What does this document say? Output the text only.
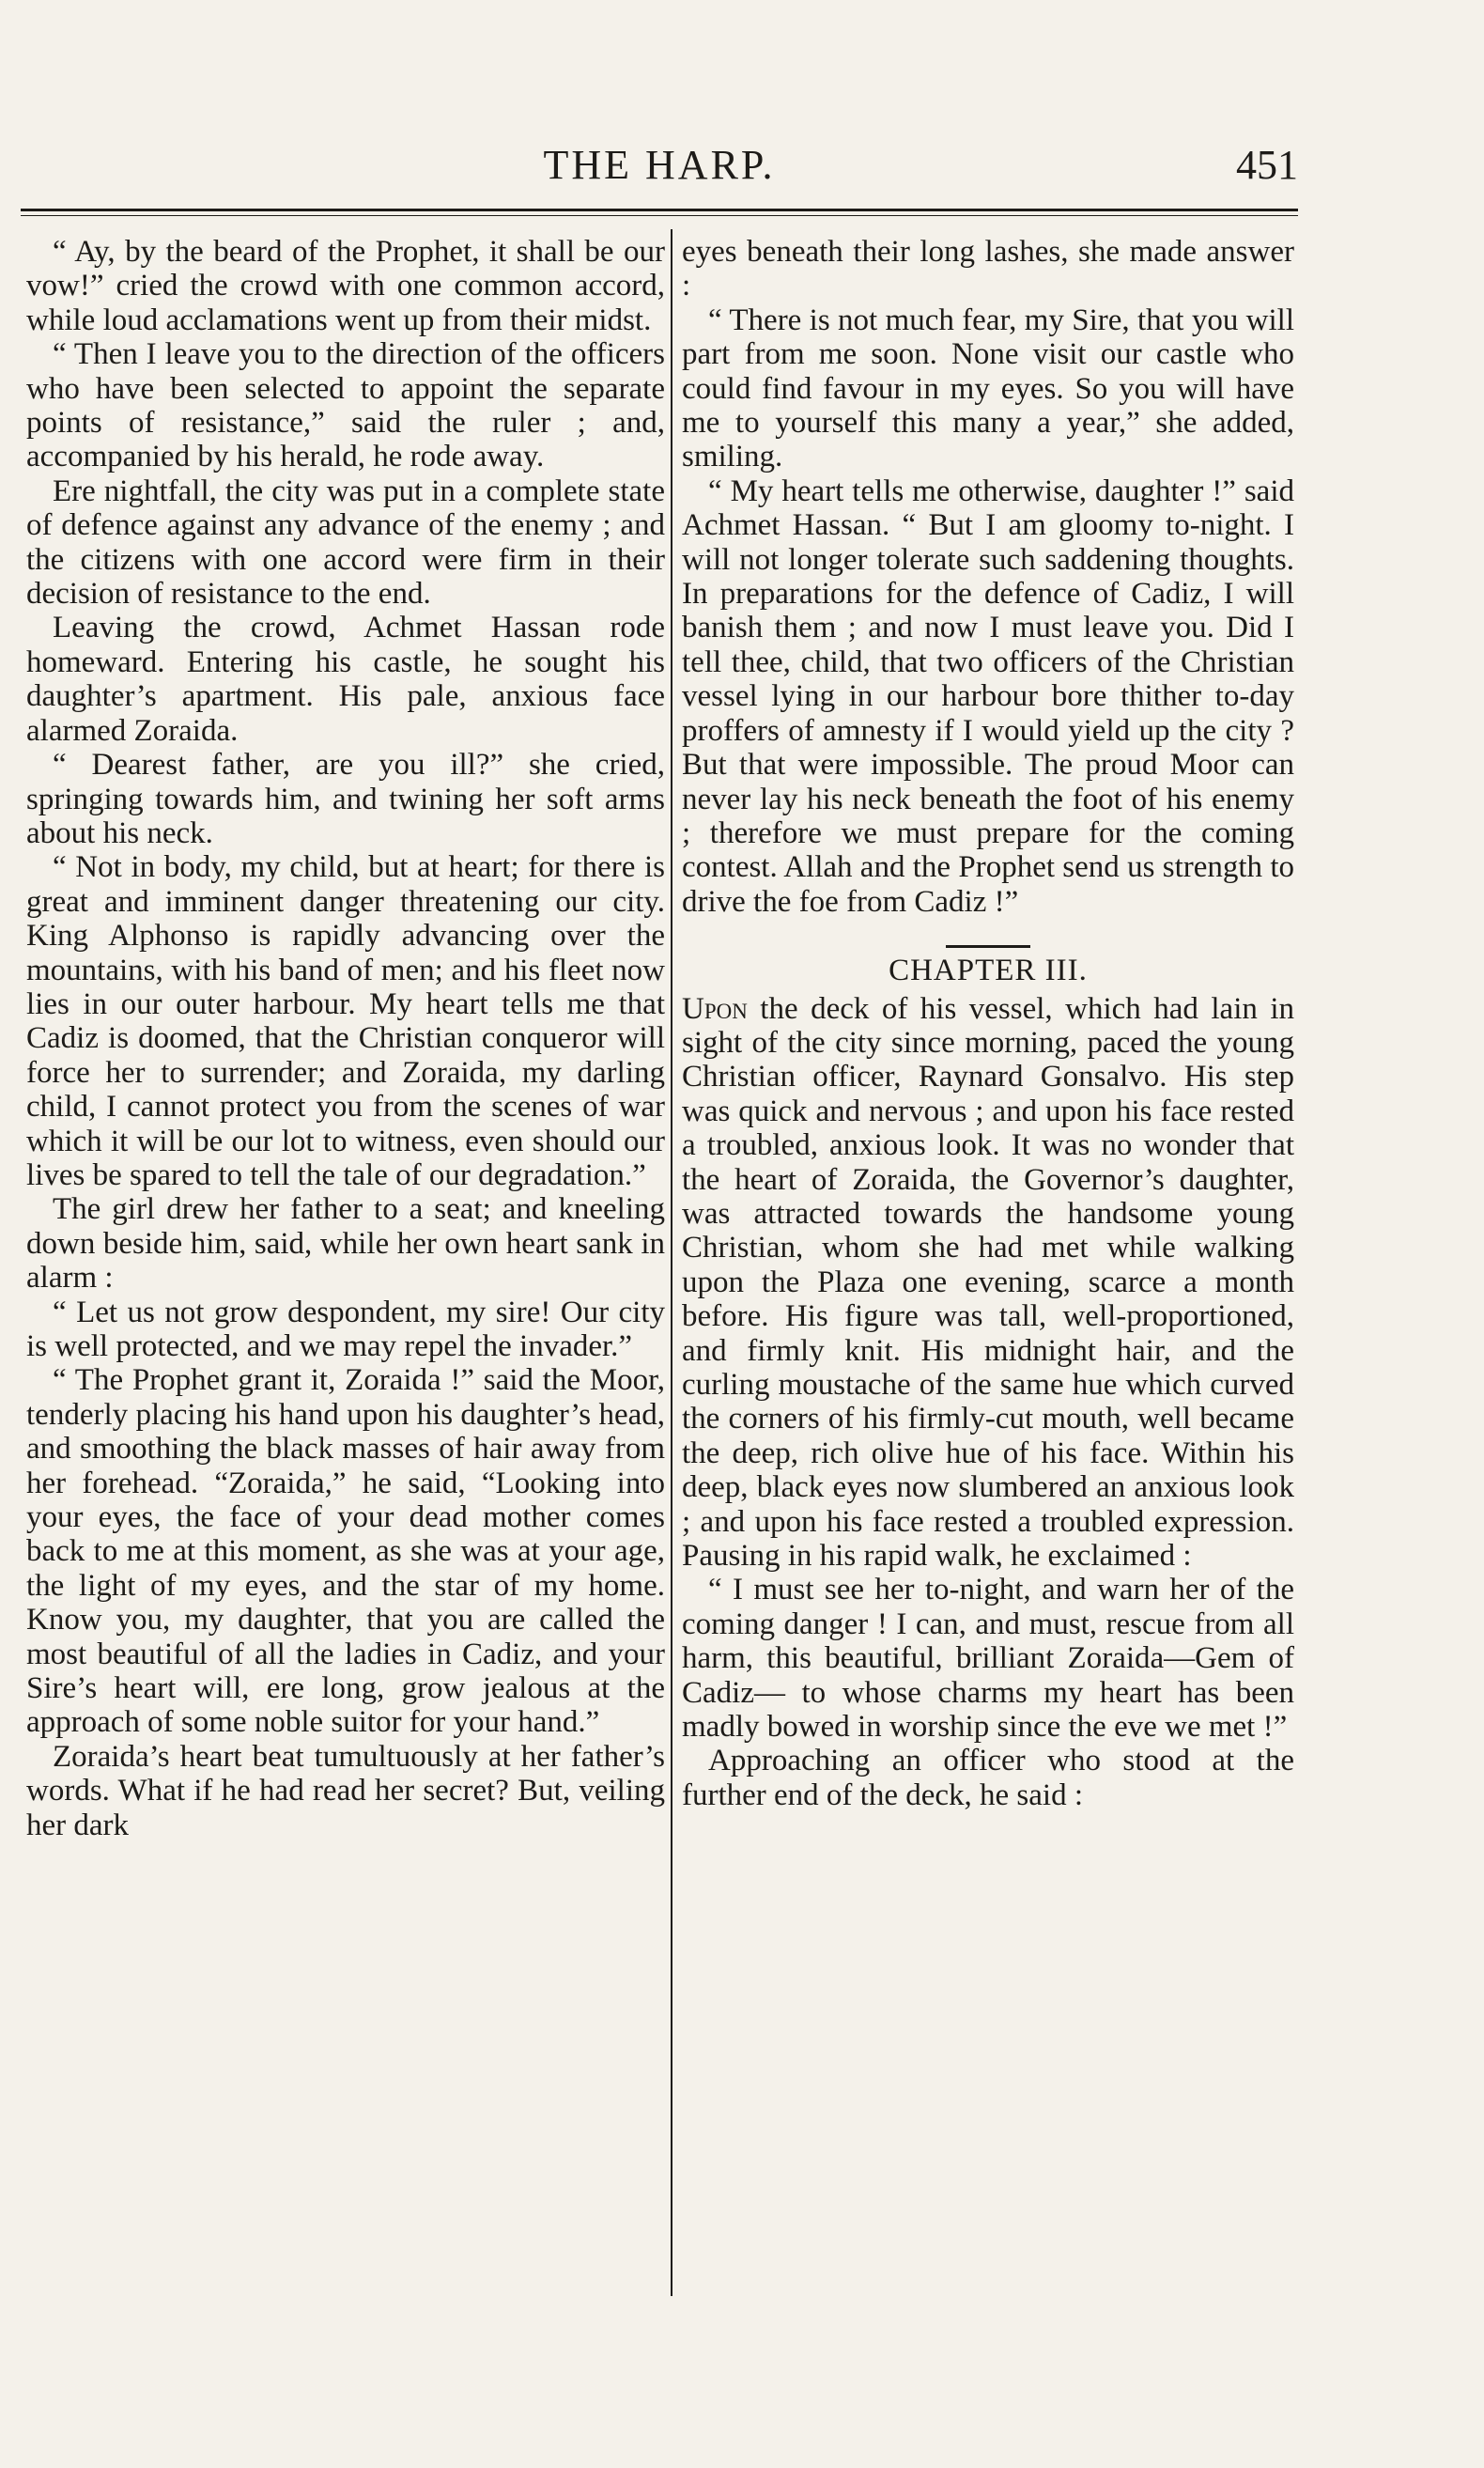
THE HARP.	451

“ Ay, by the beard of the Prophet, it shall be our vow!” cried the crowd with one common accord, while loud acclamations went up from their midst.

“ Then I leave you to the direction of the officers who have been selected to appoint the separate points of resistance,” said the ruler ; and, accompanied by his herald, he rode away.

Ere nightfall, the city was put in a complete state of defence against any advance of the enemy ; and the citizens with one accord were firm in their decision of resistance to the end.

Leaving the crowd, Achmet Hassan rode homeward. Entering his castle, he sought his daughter’s apartment. His pale, anxious face alarmed Zoraida.

“ Dearest father, are you ill?” she cried, springing towards him, and twining her soft arms about his neck.

“ Not in body, my child, but at heart; for there is great and imminent danger threatening our city. King Alphonso is rapidly advancing over the mountains, with his band of men; and his fleet now lies in our outer harbour. My heart tells me that Cadiz is doomed, that the Christian conqueror will force her to surrender; and Zoraida, my darling child, I cannot protect you from the scenes of war which it will be our lot to witness, even should our lives be spared to tell the tale of our degradation.”

The girl drew her father to a seat; and kneeling down beside him, said, while her own heart sank in alarm :

“ Let us not grow despondent, my sire! Our city is well protected, and we may repel the invader.”

“ The Prophet grant it, Zoraida !” said the Moor, tenderly placing his hand upon his daughter’s head, and smoothing the black masses of hair away from her forehead. “Zoraida,” he said, “Looking into your eyes, the face of your dead mother comes back to me at this moment, as she was at your age, the light of my eyes, and the star of my home. Know you, my daughter, that you are called the most beautiful of all the ladies in Cadiz, and your Sire’s heart will, ere long, grow jealous at the approach of some noble suitor for your hand.”

Zoraida’s heart beat tumultuously at her father’s words. What if he had read her secret? But, veiling her dark

eyes beneath their long lashes, she made answer :

“ There is not much fear, my Sire, that you will part from me soon. None visit our castle who could find favour in my eyes. So you will have me to yourself this many a year,” she added, smiling.

“ My heart tells me otherwise, daughter !” said Achmet Hassan. “ But I am gloomy to-night. I will not longer tolerate such saddening thoughts. In preparations for the defence of Cadiz, I will banish them ; and now I must leave you. Did I tell thee, child, that two officers of the Christian vessel lying in our harbour bore thither to-day proffers of amnesty if I would yield up the city ? But that were impossible. The proud Moor can never lay his neck beneath the foot of his enemy ; therefore we must prepare for the coming contest. Allah and the Prophet send us strength to drive the foe from Cadiz !”

CHAPTER III.

Upon the deck of his vessel, which had lain in sight of the city since morning, paced the young Christian officer, Raynard Gonsalvo. His step was quick and nervous ; and upon his face rested a troubled, anxious look. It was no wonder that the heart of Zoraida, the Governor’s daughter, was attracted towards the handsome young Christian, whom she had met while walking upon the Plaza one evening, scarce a month before. His figure was tall, well-proportioned, and firmly knit. His midnight hair, and the curling moustache of the same hue which curved the corners of his firmly-cut mouth, well became the deep, rich olive hue of his face. Within his deep, black eyes now slumbered an anxious look ; and upon his face rested a troubled expression. Pausing in his rapid walk, he exclaimed :

“ I must see her to-night, and warn her of the coming danger ! I can, and must, rescue from all harm, this beautiful, brilliant Zoraida—Gem of Cadiz— to whose charms my heart has been madly bowed in worship since the eve we met !”

Approaching an officer who stood at the further end of the deck, he said :
